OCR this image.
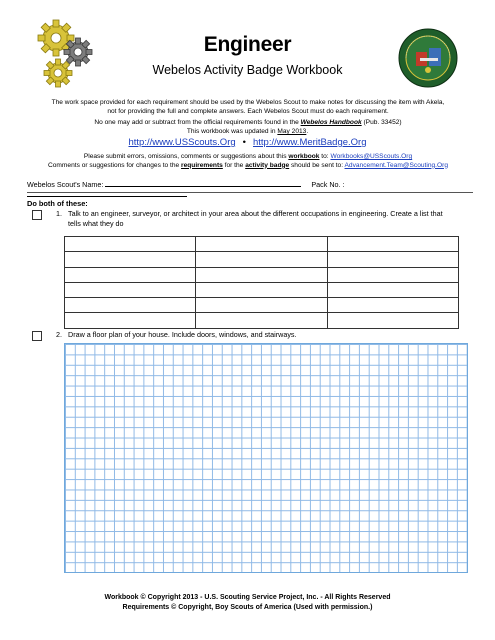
Engineer
Webelos Activity Badge Workbook
The work space provided for each requirement should be used by the Webelos Scout to make notes for discussing the item with Akela,
not for providing the full and complete answers. Each Webelos Scout must do each requirement.
No one may add or subtract from the official requirements found in the Webelos Handbook (Pub. 33452)
This workbook was updated in May 2013.
http://www.USScouts.Org • http://www.MeritBadge.Org
Please submit errors, omissions, comments or suggestions about this workbook to: Workbooks@USScouts.Org
Comments or suggestions for changes to the requirements for the activity badge should be sent to: Advancement.Team@Scouting.Org
Webelos Scout's Name:	Pack No. :
Do both of these:
1. Talk to an engineer, surveyor, or architect in your area about the different occupations in engineering. Create a list that
tells what they do

2. Draw a floor plan of your house. Include doors, windows, and stairways.
Workbook © Copyright 2013 - U.S. Scouting Service Project, Inc. - All Rights Reserved
Requirements © Copyright, Boy Scouts of America (Used with permission.)
